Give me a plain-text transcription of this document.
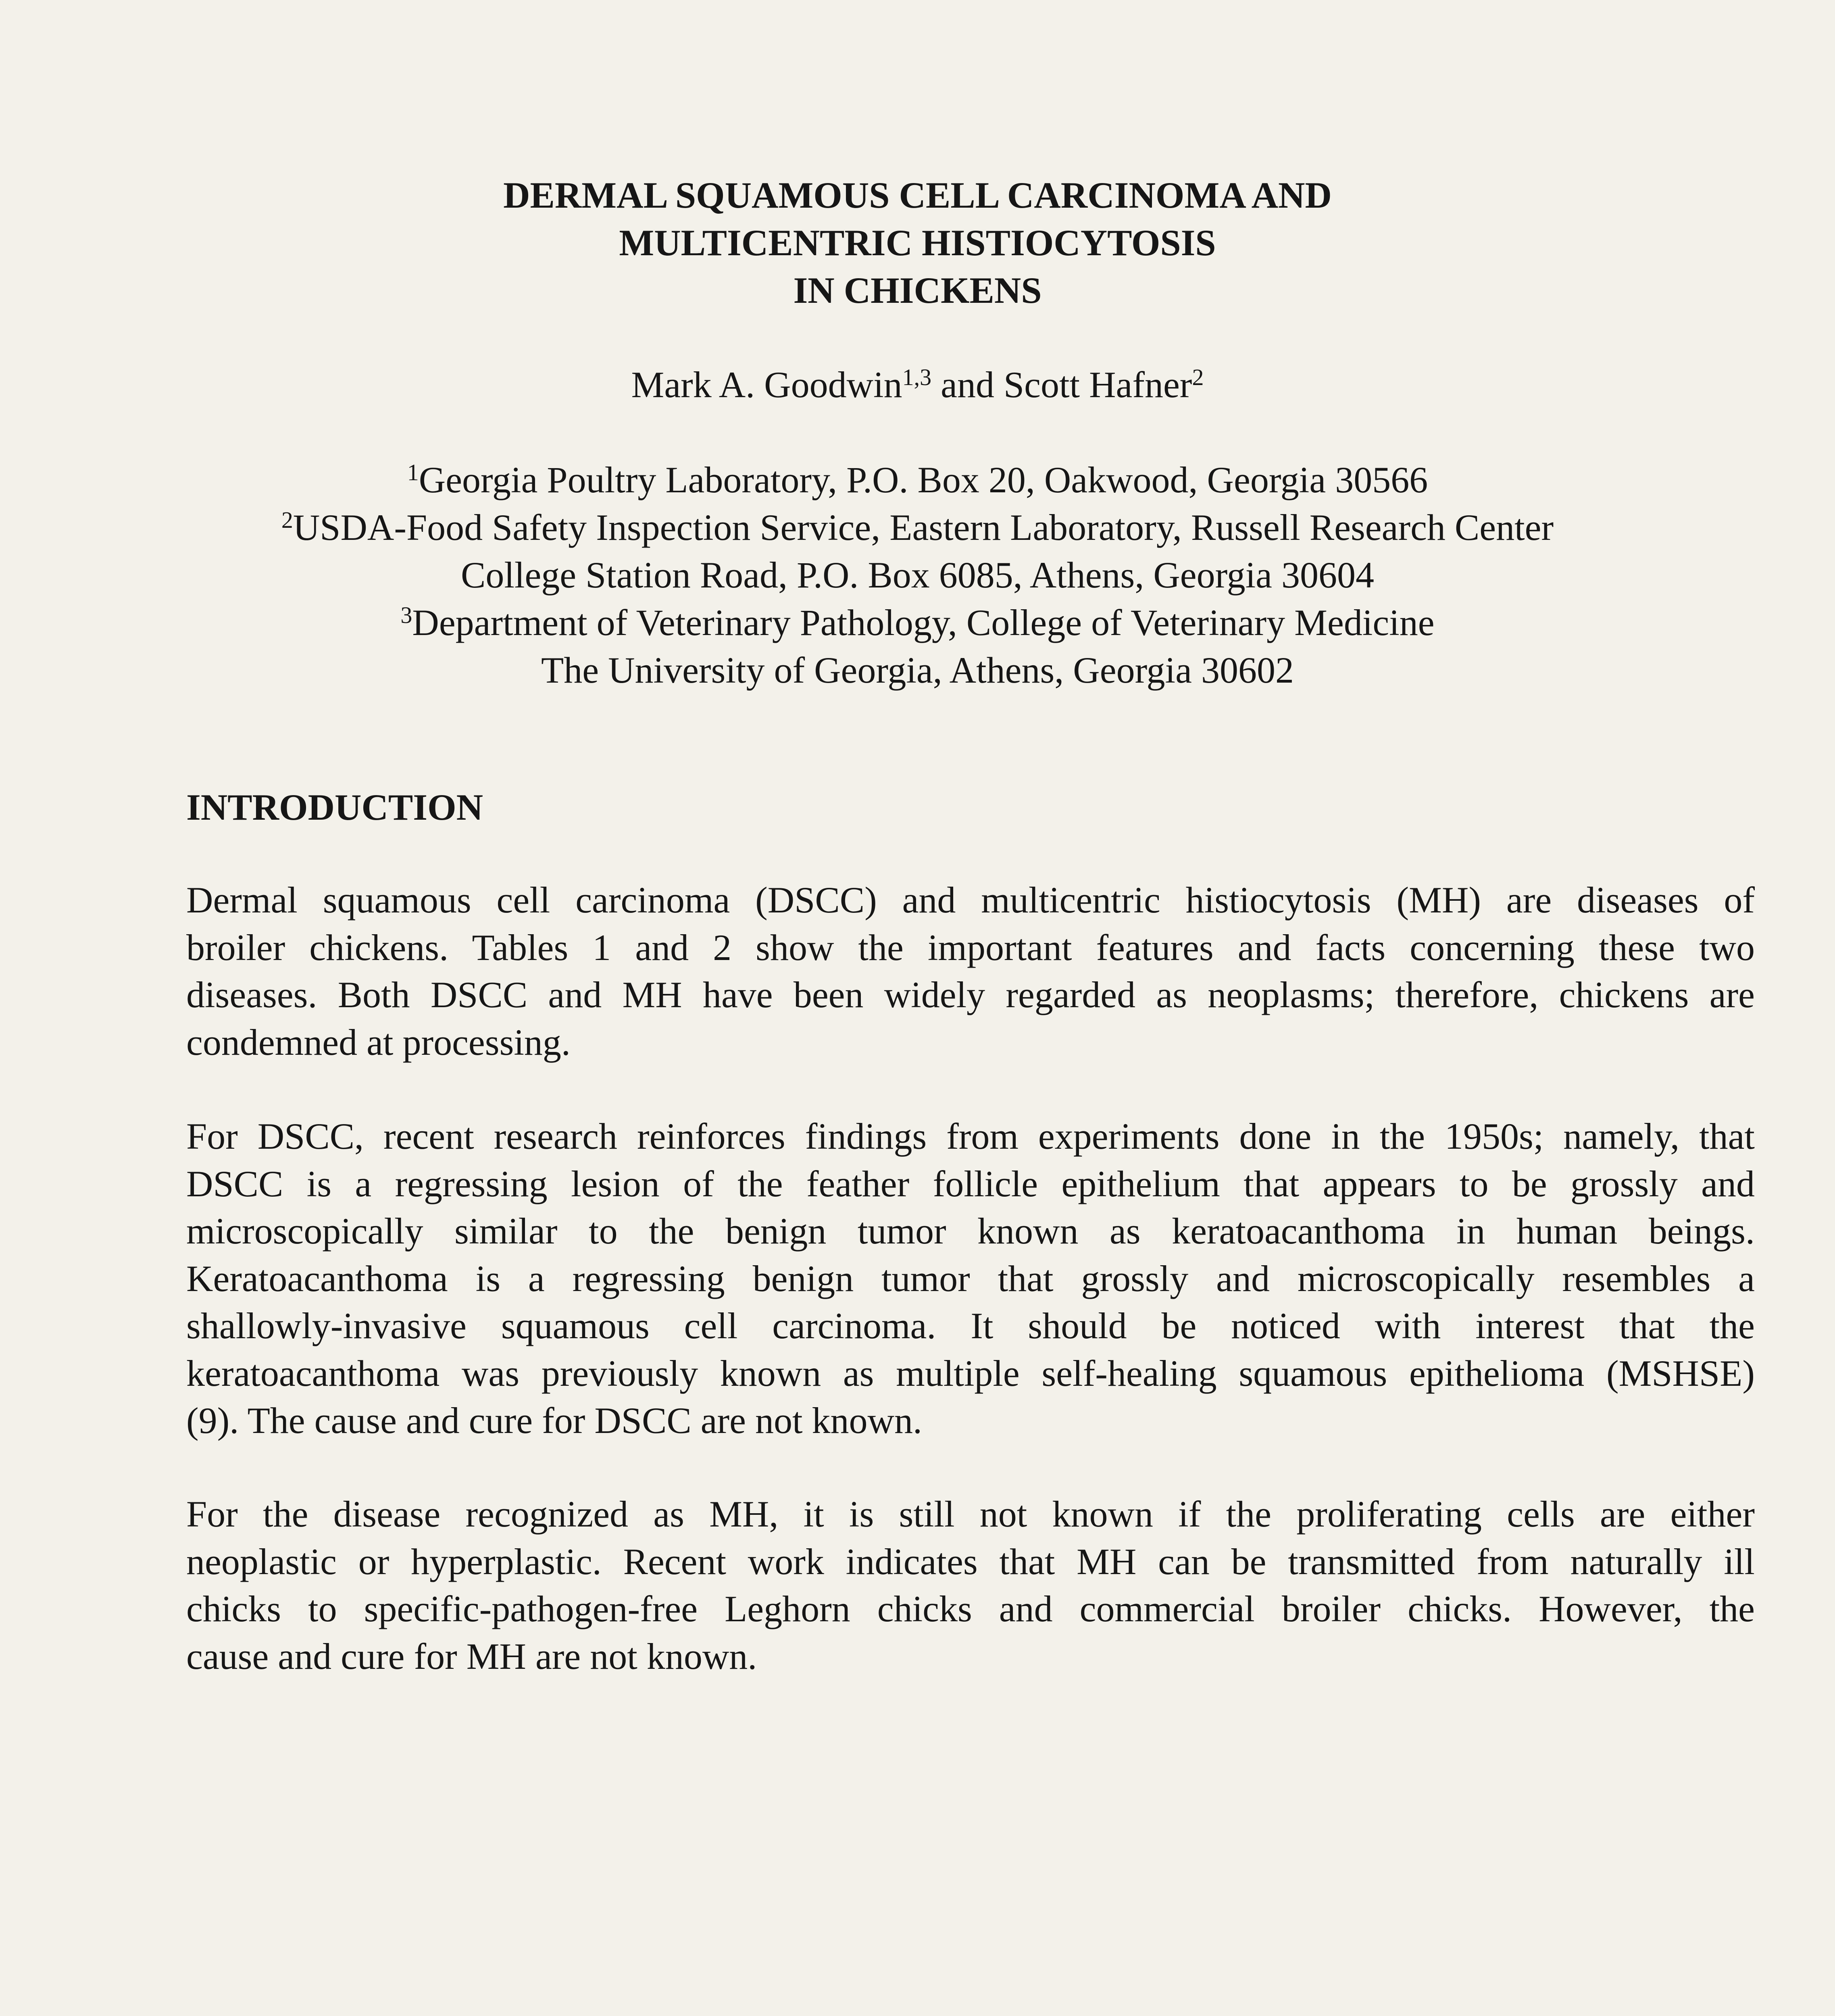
DERMAL SQUAMOUS CELL CARCINOMA AND
MULTICENTRIC HISTIOCYTOSIS
IN CHICKENS
Mark A. Goodwin$^{1,3}$ and Scott Hafner$^2$
$^1$Georgia Poultry Laboratory, P.O. Box 20, Oakwood, Georgia 30566
$^2$USDA-Food Safety Inspection Service, Eastern Laboratory, Russell Research Center
College Station Road, P.O. Box 6085, Athens, Georgia 30604
$^3$Department of Veterinary Pathology, College of Veterinary Medicine
The University of Georgia, Athens, Georgia 30602
INTRODUCTION
Dermal squamous cell carcinoma (DSCC) and multicentric histiocytosis (MH) are diseases of
broiler chickens. Tables 1 and 2 show the important features and facts concerning these two
diseases. Both DSCC and MH have been widely regarded as neoplasms; therefore, chickens are
condemned at processing.
For DSCC, recent research reinforces findings from experiments done in the 1950s; namely, that
DSCC is a regressing lesion of the feather follicle epithelium that appears to be grossly and
microscopically similar to the benign tumor known as keratoacanthoma in human beings.
Keratoacanthoma is a regressing benign tumor that grossly and microscopically resembles a
shallowly-invasive squamous cell carcinoma. It should be noticed with interest that the
keratoacanthoma was previously known as multiple self-healing squamous epithelioma (MSHSE)
(9). The cause and cure for DSCC are not known.
For the disease recognized as MH, it is still not known if the proliferating cells are either
neoplastic or hyperplastic. Recent work indicates that MH can be transmitted from naturally ill
chicks to specific-pathogen-free Leghorn chicks and commercial broiler chicks. However, the
cause and cure for MH are not known.
